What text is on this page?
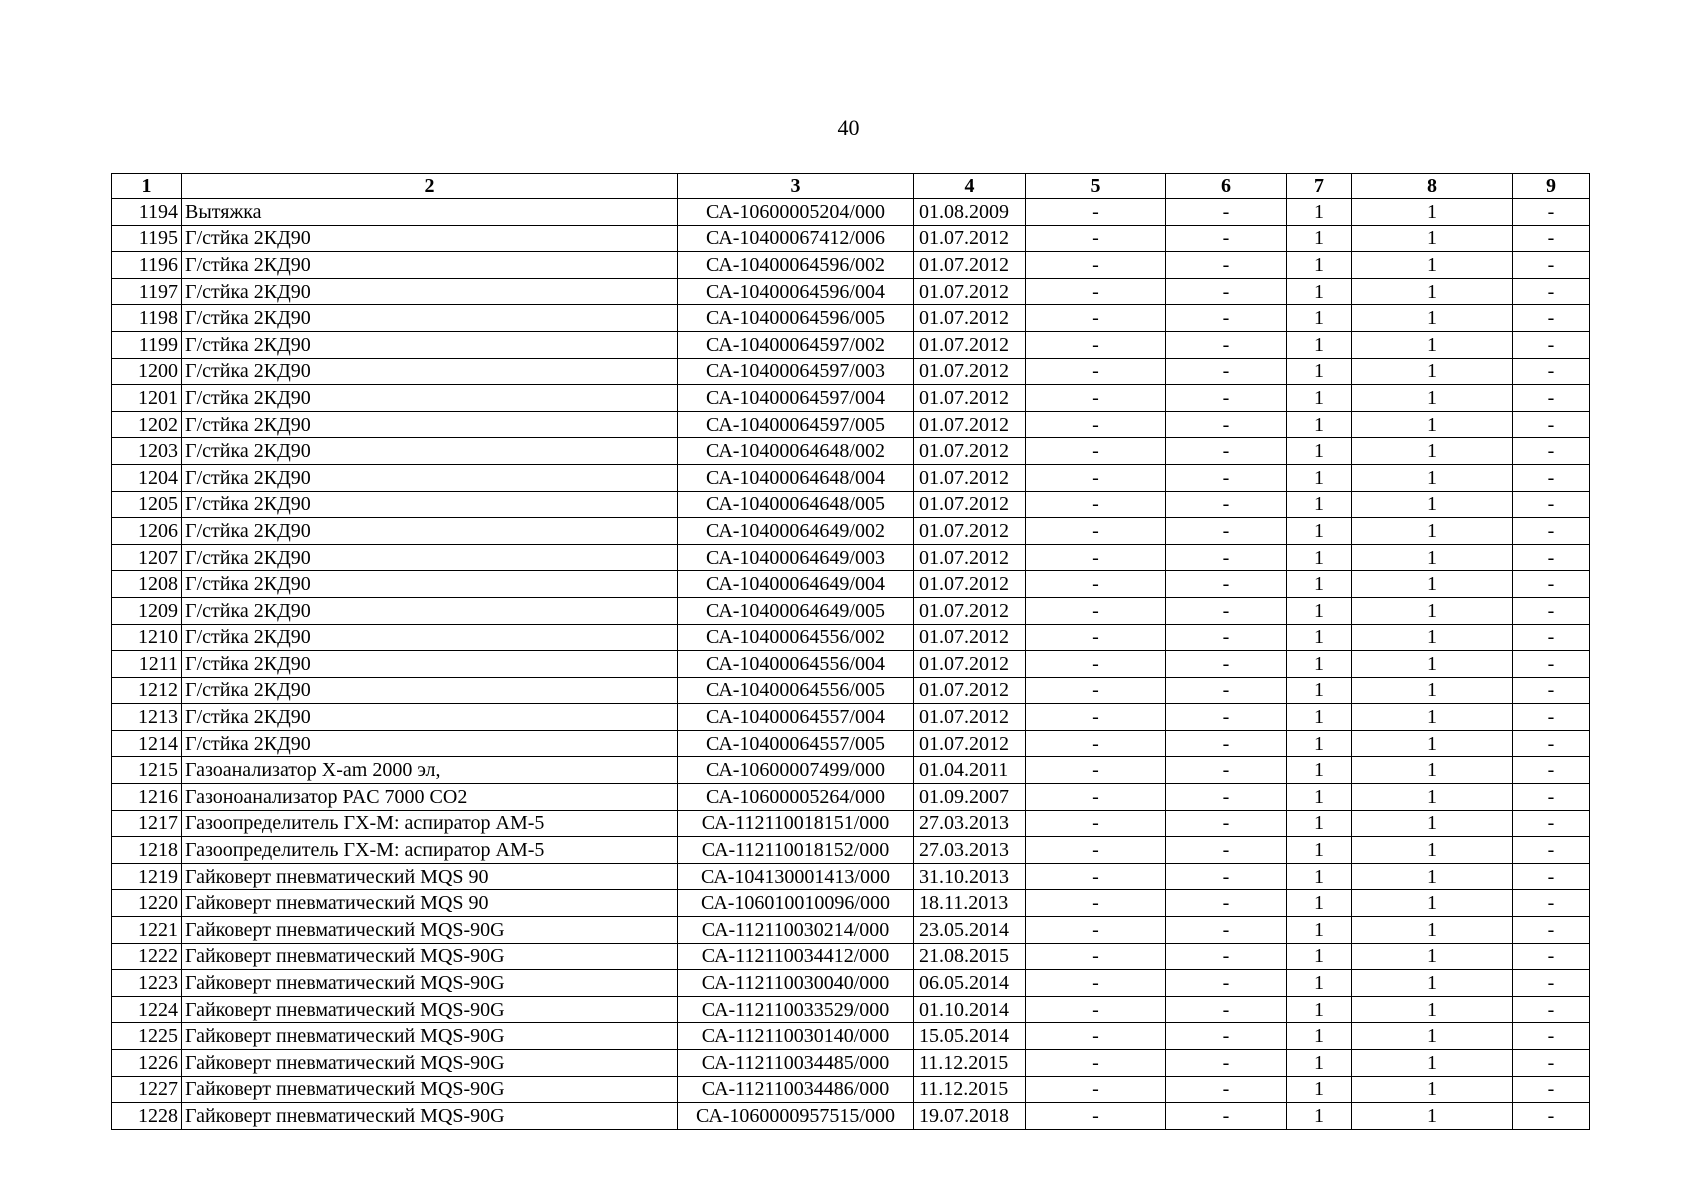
40
1	2	3	4	5	6	7	8	9
1194	Вытяжка	СА-10600005204/000	01.08.2009	-	-	1	1	-
1195	Г/стйка 2КД90	СА-10400067412/006	01.07.2012	-	-	1	1	-
1196	Г/стйка 2КД90	СА-10400064596/002	01.07.2012	-	-	1	1	-
1197	Г/стйка 2КД90	СА-10400064596/004	01.07.2012	-	-	1	1	-
1198	Г/стйка 2КД90	СА-10400064596/005	01.07.2012	-	-	1	1	-
1199	Г/стйка 2КД90	СА-10400064597/002	01.07.2012	-	-	1	1	-
1200	Г/стйка 2КД90	СА-10400064597/003	01.07.2012	-	-	1	1	-
1201	Г/стйка 2КД90	СА-10400064597/004	01.07.2012	-	-	1	1	-
1202	Г/стйка 2КД90	СА-10400064597/005	01.07.2012	-	-	1	1	-
1203	Г/стйка 2КД90	СА-10400064648/002	01.07.2012	-	-	1	1	-
1204	Г/стйка 2КД90	СА-10400064648/004	01.07.2012	-	-	1	1	-
1205	Г/стйка 2КД90	СА-10400064648/005	01.07.2012	-	-	1	1	-
1206	Г/стйка 2КД90	СА-10400064649/002	01.07.2012	-	-	1	1	-
1207	Г/стйка 2КД90	СА-10400064649/003	01.07.2012	-	-	1	1	-
1208	Г/стйка 2КД90	СА-10400064649/004	01.07.2012	-	-	1	1	-
1209	Г/стйка 2КД90	СА-10400064649/005	01.07.2012	-	-	1	1	-
1210	Г/стйка 2КД90	СА-10400064556/002	01.07.2012	-	-	1	1	-
1211	Г/стйка 2КД90	СА-10400064556/004	01.07.2012	-	-	1	1	-
1212	Г/стйка 2КД90	СА-10400064556/005	01.07.2012	-	-	1	1	-
1213	Г/стйка 2КД90	СА-10400064557/004	01.07.2012	-	-	1	1	-
1214	Г/стйка 2КД90	СА-10400064557/005	01.07.2012	-	-	1	1	-
1215	Газоанализатор X-am 2000 эл,	СА-10600007499/000	01.04.2011	-	-	1	1	-
1216	Газоноанализатор PAC 7000 CO2	СА-10600005264/000	01.09.2007	-	-	1	1	-
1217	Газоопределитель ГХ-М: аспиратор АМ-5	СА-112110018151/000	27.03.2013	-	-	1	1	-
1218	Газоопределитель ГХ-М: аспиратор АМ-5	СА-112110018152/000	27.03.2013	-	-	1	1	-
1219	Гайковерт пневматический MQS 90	СА-104130001413/000	31.10.2013	-	-	1	1	-
1220	Гайковерт пневматический MQS 90	СА-106010010096/000	18.11.2013	-	-	1	1	-
1221	Гайковерт пневматический MQS-90G	СА-112110030214/000	23.05.2014	-	-	1	1	-
1222	Гайковерт пневматический MQS-90G	СА-112110034412/000	21.08.2015	-	-	1	1	-
1223	Гайковерт пневматический MQS-90G	СА-112110030040/000	06.05.2014	-	-	1	1	-
1224	Гайковерт пневматический MQS-90G	СА-112110033529/000	01.10.2014	-	-	1	1	-
1225	Гайковерт пневматический MQS-90G	СА-112110030140/000	15.05.2014	-	-	1	1	-
1226	Гайковерт пневматический MQS-90G	СА-112110034485/000	11.12.2015	-	-	1	1	-
1227	Гайковерт пневматический MQS-90G	СА-112110034486/000	11.12.2015	-	-	1	1	-
1228	Гайковерт пневматический MQS-90G	СА-1060000957515/000	19.07.2018	-	-	1	1	-
